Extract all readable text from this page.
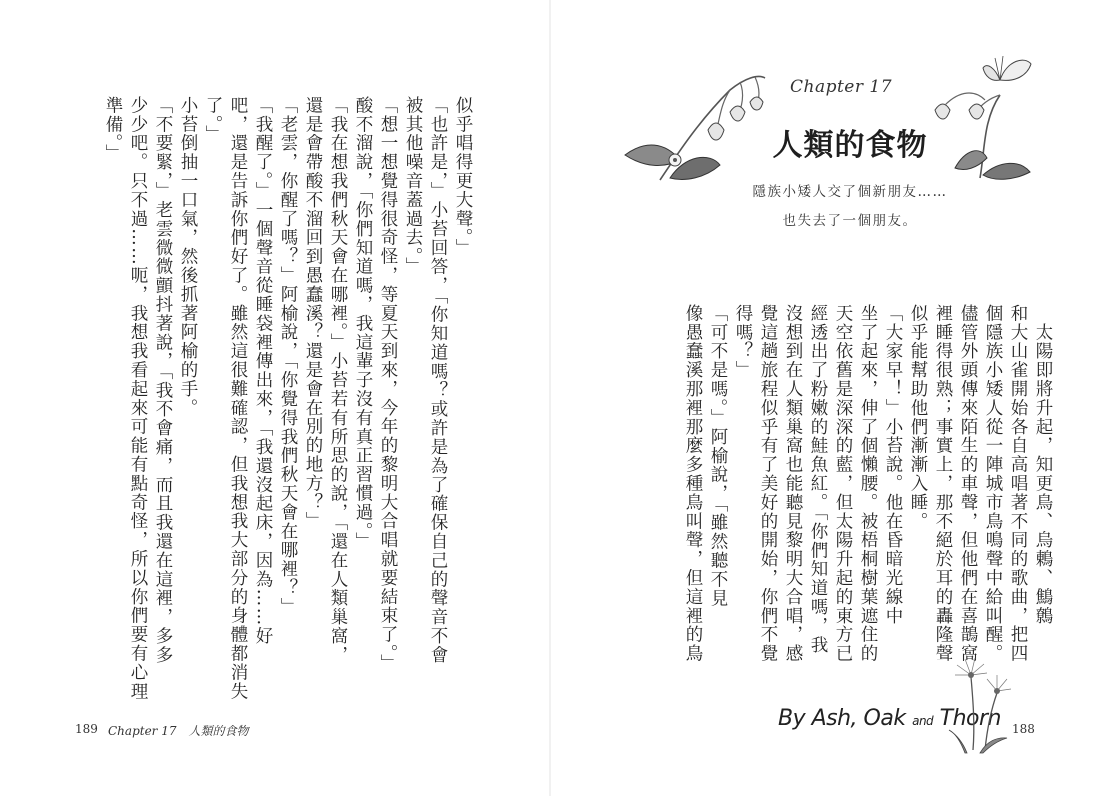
似乎唱得更大聲。」

「也許是，」小苔回答，「你知道嗎？或許是為了確保自己的聲音不會

被其他噪音蓋過去。」

「想一想覺得很奇怪，等夏天到來，今年的黎明大合唱就要結束了。」

酸不溜說，「你們知道嗎，我這輩子沒有真正習慣過。」

「我在想我們秋天會在哪裡。」小苔若有所思的說，「還在人類巢窩，

還是會帶酸不溜回到愚蠢溪？還是會在別的地方？」

「老雲，你醒了嗎？」阿榆說，「你覺得我們秋天會在哪裡？」

「我醒了。」一個聲音從睡袋裡傳出來，「我還沒起床，因為……好

吧，還是告訴你們好了。雖然這很難確認，但我想我大部分的身體都消失

了。」

小苔倒抽一口氣，然後抓著阿榆的手。

「不要緊，」老雲微微顫抖著說，「我不會痛，而且我還在這裡，多多

少少吧。只不過……呃，我想我看起來可能有點奇怪，所以你們要有心理

準備。」

189 Chapter 17　人類的食物
Chapter 17
人類的食物
隱族小矮人交了個新朋友……
也失去了一個朋友。

　太陽即將升起，知更鳥、烏鶇、鷦鷯

和大山雀開始各自高唱著不同的歌曲，把四

個隱族小矮人從一陣城市鳥鳴聲中給叫醒。

儘管外頭傳來陌生的車聲，但他們在喜鵲窩

裡睡得很熟；事實上，那不絕於耳的轟隆聲

似乎能幫助他們漸漸入睡。

「大家早！」小苔說。他在昏暗光線中

坐了起來，伸了個懶腰。被梧桐樹葉遮住的

天空依舊是深深的藍，但太陽升起的東方已

經透出了粉嫩的鮭魚紅。「你們知道嗎，我

沒想到在人類巢窩也能聽見黎明大合唱，感

覺這趟旅程似乎有了美好的開始，你們不覺

得嗎？」

「可不是嗎。」阿榆說，「雖然聽不見

像愚蠢溪那裡那麼多種鳥叫聲，但這裡的鳥

By Ash, Oak and Thorn 188
